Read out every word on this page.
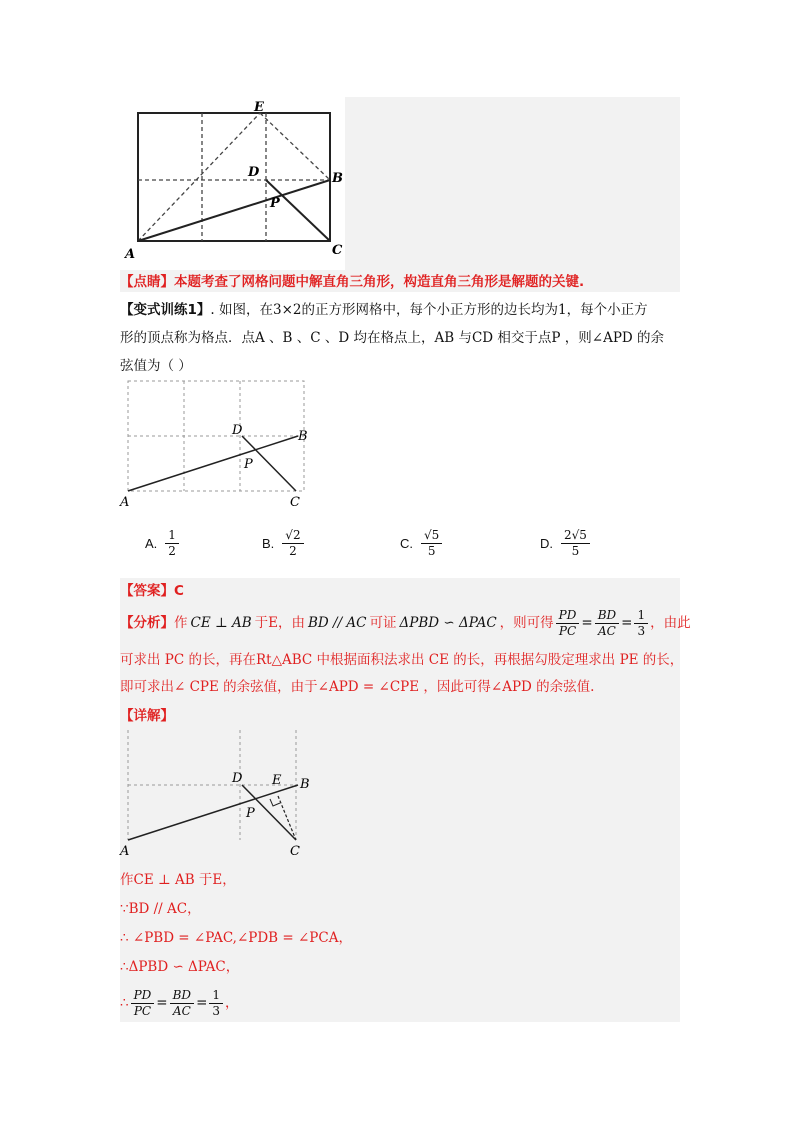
E
D	B
P
A	C
【点睛】本题考查了网格问题中解直角三角形，构造直角三角形是解题的关键.
【变式训练1】. 如图，在3×2的正方形网格中，每个小正方形的边长均为1，每个小正方
形的顶点称为格点．点A 、B 、C 、D 均在格点上，AB 与CD 相交于点P ，则∠APD 的余
弦值为（ ）
D	B
P
A	C
A. $\frac{1}{2}$	B. $\frac{√2}{2}$	C. $\frac{√5}{5}$	D. $\frac{2√5}{5}$
【答案】C
【分析】 作 CE ⊥ AB 于E，由 BD // AC 可证 ΔPBD ∽ ΔPAC ，则可得 $\frac{PD}{PC} = \frac{BD}{AC} = \frac{1}{3}$ ，由此
可求出 PC 的长，再在Rt△ABC 中根据面积法求出 CE 的长，再根据勾股定理求出 PE 的长，
即可求出∠ CPE 的余弦值，由于∠APD = ∠CPE ，因此可得∠APD 的余弦值.
【详解】
D E B
P
A	C
作CE ⊥ AB 于E，
∵BD // AC，
∴ ∠PBD = ∠PAC,∠PDB = ∠PCA，
∴ΔPBD ∽ ΔPAC，
∴ $\frac{PD}{PC} = \frac{BD}{AC} = \frac{1}{3}$ ，
